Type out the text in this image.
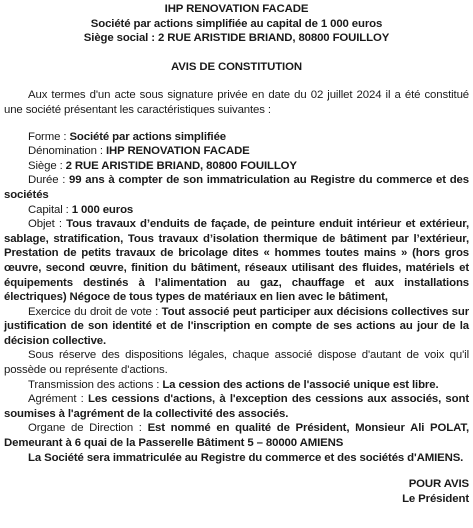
IHP RENOVATION FACADE
Société par actions simplifiée au capital de 1 000 euros
Siège social : 2 RUE ARISTIDE BRIAND, 80800 FOUILLOY
AVIS DE CONSTITUTION

Aux termes d'un acte sous signature privée en date du 02 juillet 2024 il a été constitué une société présentant les caractéristiques suivantes :

Forme : Société par actions simplifiée

Dénomination : IHP RENOVATION FACADE

Siège : 2 RUE ARISTIDE BRIAND, 80800 FOUILLOY

Durée : 99 ans à compter de son immatriculation au Registre du commerce et des sociétés

Capital : 1 000 euros

Objet : Tous travaux d’enduits de façade, de peinture enduit intérieur et extérieur, sablage, stratification, Tous travaux d’isolation thermique de bâtiment par l’extérieur, Prestation de petits travaux de bricolage dites « hommes toutes mains » (hors gros œuvre, second œuvre, finition du bâtiment, réseaux utilisant des fluides, matériels et équipements destinés à l’alimentation au gaz, chauffage et aux installations électriques) Négoce de tous types de matériaux en lien avec le bâtiment,

Exercice du droit de vote : Tout associé peut participer aux décisions collectives sur justification de son identité et de l'inscription en compte de ses actions au jour de la décision collective.

Sous réserve des dispositions légales, chaque associé dispose d'autant de voix qu'il possède ou représente d'actions.

Transmission des actions : La cession des actions de l'associé unique est libre.

Agrément : Les cessions d'actions, à l'exception des cessions aux associés, sont soumises à l'agrément de la collectivité des associés.

Organe de Direction : Est nommé en qualité de Président, Monsieur Ali POLAT, Demeurant à 6 quai de la Passerelle Bâtiment 5 – 80000 AMIENS

La Société sera immatriculée au Registre du commerce et des sociétés d'AMIENS.

POUR AVIS
Le Président
